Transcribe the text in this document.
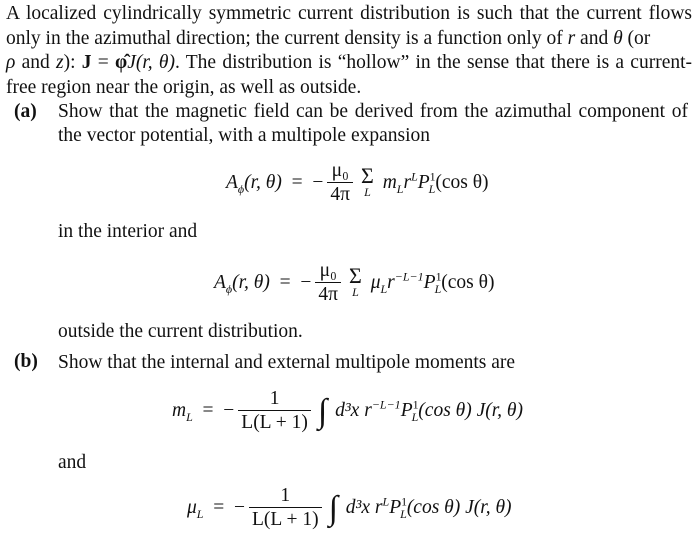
A localized cylindrically symmetric current distribution is such that the current flows only in the azimuthal direction; the current density is a function only of r and θ (or
ρ and z): J = φ̂J(r, θ). The distribution is “hollow” in the sense that there is a current-free region near the origin, as well as outside.
(a) Show that the magnetic field can be derived from the azimuthal component of the vector potential, with a multipole expansion
$A_\phi(r$, θ) = − $\frac{\text{μ₀}}{4\pi}$ Σ
L $m_Lr^LP^1_L(\cos$ θ)
in the interior and
$A_\phi(r$, θ) = − $\frac{\text{μ₀}}{4\pi}$ Σ
L $\mu_Lr^{-L-1}P^1_L(\cos$ θ)
outside the current distribution.
(b) Show that the internal and external multipole moments are
$m_L$ = − $\frac{1}{L(L + 1)}$ ∫ d³x $r^{-L-1}P^1_L(\cos$ θ) J(r, θ)
and
$\mu_L$ = − $\frac{1}{L(L + 1)}$ ∫ d³x $r^LP^1_L(\cos$ θ) J(r, θ)
